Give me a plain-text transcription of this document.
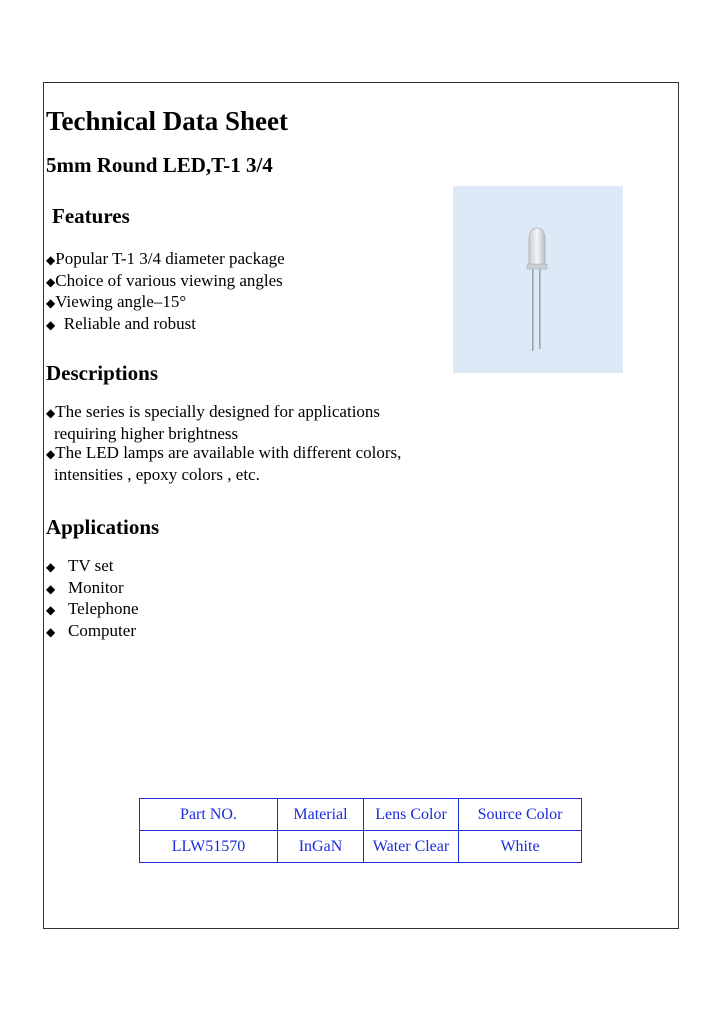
Technical Data Sheet
5mm Round LED,T-1 3/4
Features
◆Popular T-1 3/4 diameter package
◆Choice of various viewing angles
◆Viewing angle–15°
◆  Reliable and robust
Descriptions
◆The series is specially designed for applications
requiring higher brightness
◆The LED lamps are available with different colors,
intensities , epoxy colors , etc.
Applications
◆ TV set
◆ Monitor
◆ Telephone
◆ Computer
Part NO.	Material	Lens Color	Source Color
LLW51570	InGaN	Water Clear	White
